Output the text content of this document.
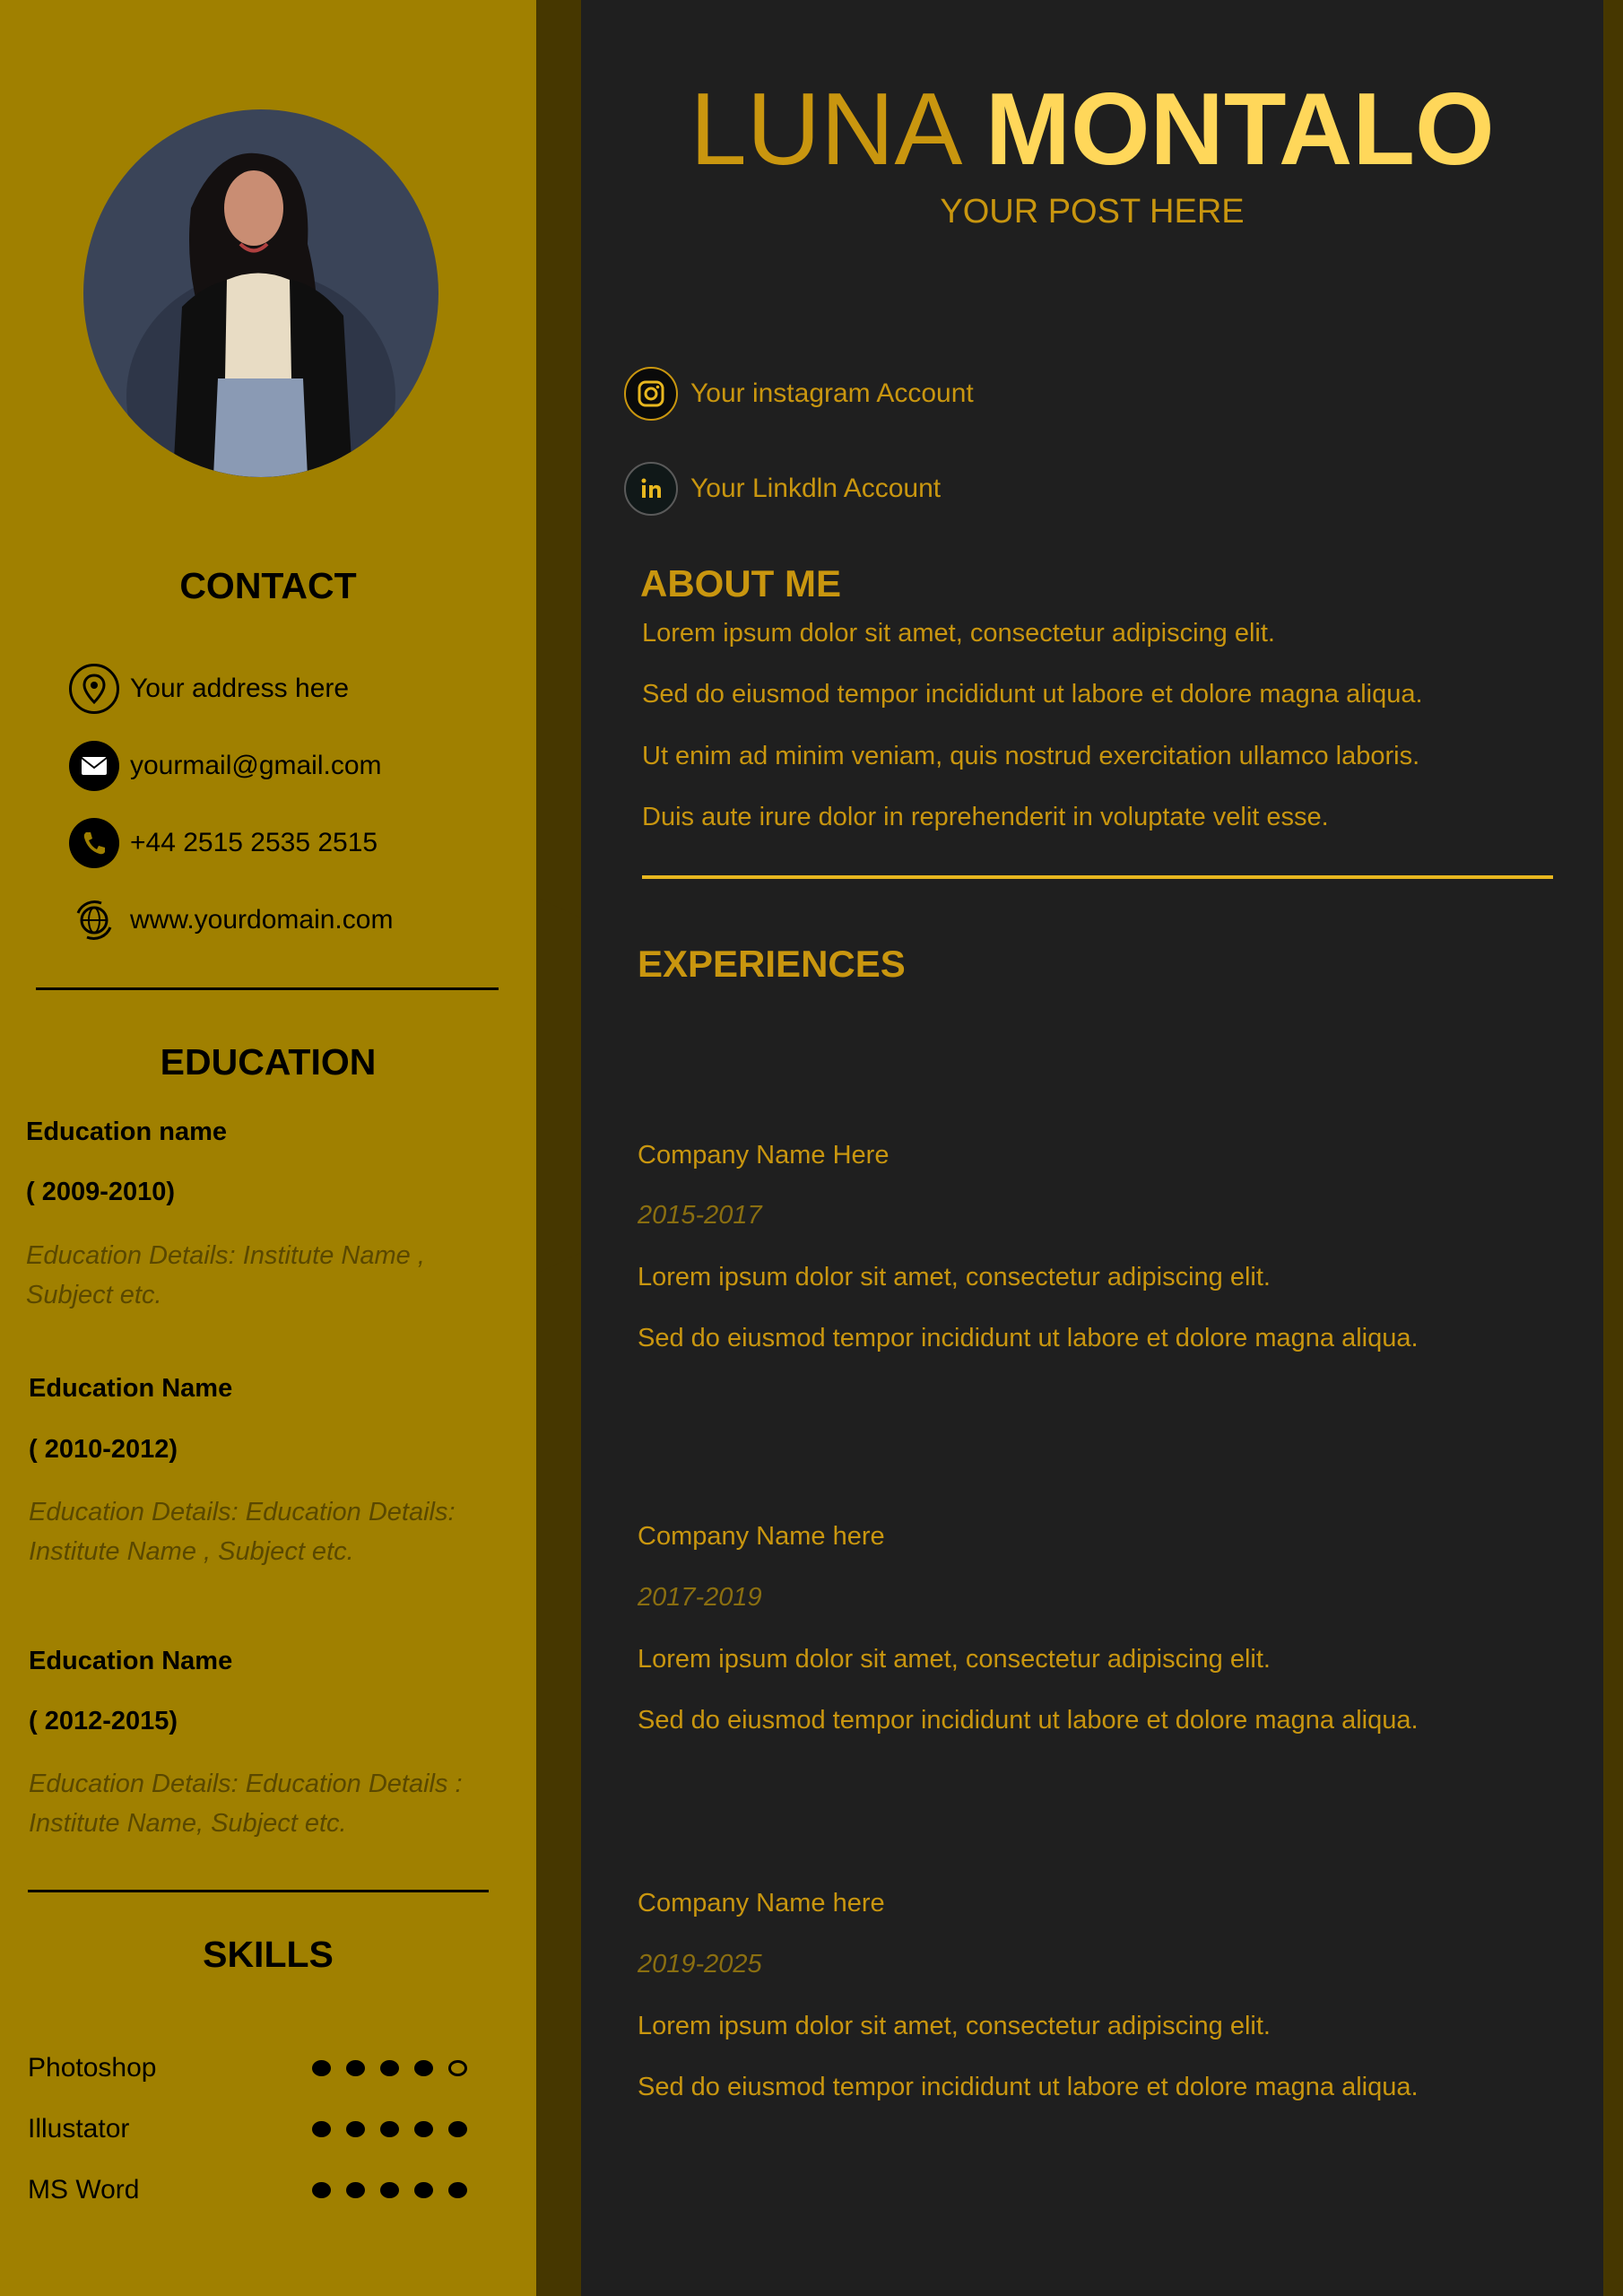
CONTACT
Your address here
yourmail@gmail.com
+44 2515 2535 2515
www.yourdomain.com
EDUCATION
Education name
( 2009-2010)
Education Details: Institute Name ,
Subject etc.
Education Name
( 2010-2012)
Education Details: Education Details:
Institute Name , Subject etc.
Education Name
( 2012-2015)
Education Details: Education Details :
Institute Name, Subject etc.
SKILLS
Photoshop
Illustator
MS Word
LUNA MONTALO
YOUR POST HERE
Your instagram Account
Your Linkdln Account
ABOUT ME
Lorem ipsum dolor sit amet, consectetur adipiscing elit.
Sed do eiusmod tempor incididunt ut labore et dolore magna aliqua.
Ut enim ad minim veniam, quis nostrud exercitation ullamco laboris.
Duis aute irure dolor in reprehenderit in voluptate velit esse.
EXPERIENCES
Company Name Here
2015-2017
Lorem ipsum dolor sit amet, consectetur adipiscing elit.
Sed do eiusmod tempor incididunt ut labore et dolore magna aliqua.
Company Name here
2017-2019
Lorem ipsum dolor sit amet, consectetur adipiscing elit.
Sed do eiusmod tempor incididunt ut labore et dolore magna aliqua.
Company Name here
2019-2025
Lorem ipsum dolor sit amet, consectetur adipiscing elit.
Sed do eiusmod tempor incididunt ut labore et dolore magna aliqua.
